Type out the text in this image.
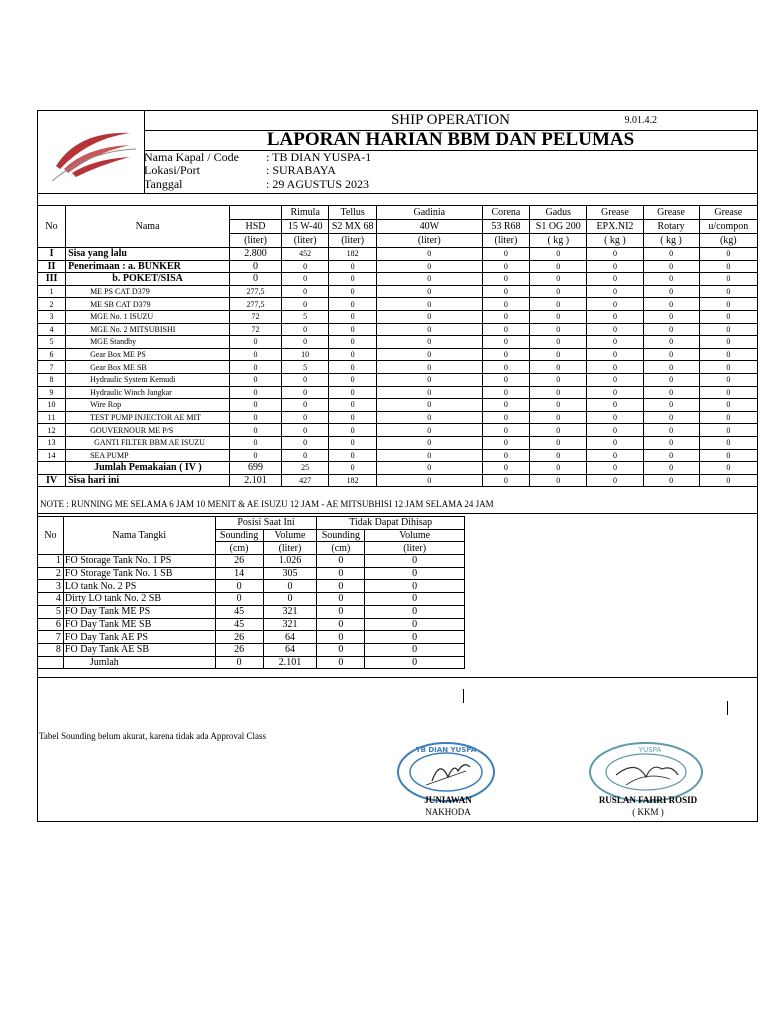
SHIP OPERATION	9.01.4.2
LAPORAN HARIAN BBM DAN PELUMAS
Nama Kapal / Code : TB DIAN YUSPA-1
Lokasi/Port	: SURABAYA
Tanggal	: 29 AGUSTUS 2023
No	Nama		Rimula	Tellus	Gadinia	Corena	Gadus	Grease	Grease	Grease
		HSD	15 W-40	S2 MX 68	40W	53 R68	S1 OG 200	EPX.NI2	Rotary	u/compon
		(liter)	(liter)	(liter)	(liter)	(liter)	( kg )	( kg )	( kg )	(kg)
I	Sisa yang lalu	2.800	452	182	0	0	0	0	0	0
II	Penerimaan : a. BUNKER	0	0	0	0	0	0	0	0	0
III	b. POKET/SISA	0	0	0	0	0	0	0	0	0
1	ME PS CAT D379	277,5	0	0	0	0	0	0	0	0
2	ME SB CAT D379	277,5	0	0	0	0	0	0	0	0
3	MGE No. 1 ISUZU	72	5	0	0	0	0	0	0	0
4	MGE No. 2 MITSUBISHI	72	0	0	0	0	0	0	0	0
5	MGE Standby	0	0	0	0	0	0	0	0	0
6	Gear Box ME PS	0	10	0	0	0	0	0	0	0
7	Gear Box ME SB	0	5	0	0	0	0	0	0	0
8	Hydraulic System Kemudi	0	0	0	0	0	0	0	0	0
9	Hydraulic Winch Jangkar	0	0	0	0	0	0	0	0	0
10	Wire Rop	0	0	0	0	0	0	0	0	0
11	TEST PUMP INJECTOR AE MIT	0	0	0	0	0	0	0	0	0
12	GOUVERNOUR ME P/S	0	0	0	0	0	0	0	0	0
13	GANTI FILTER BBM AE ISUZU	0	0	0	0	0	0	0	0	0
14	SEA PUMP	0	0	0	0	0	0	0	0	0
	Jumlah Pemakaian ( IV )	699	25	0	0	0	0	0	0	0
IV	Sisa hari ini	2.101	427	182	0	0	0	0	0	0
NOTE : RUNNING ME SELAMA 6 JAM 10 MENIT & AE ISUZU 12 JAM - AE MITSUBHISI 12 JAM SELAMA 24 JAM
No	Nama Tangki	Posisi Saat Ini		Tidak Dapat Dihisap	
		Sounding	Volume	Sounding	Volume
		(cm)	(liter)	(cm)	(liter)
1	FO Storage Tank No. 1 PS	26	1.026	0	0
2	FO Storage Tank No. 1 SB	14	305	0	0
3	LO tank No. 2 PS	0	0	0	0
4	Dirty LO tank No. 2 SB	0	0	0	0
5	FO Day Tank ME PS	45	321	0	0
6	FO Day Tank ME SB	45	321	0	0
7	FO Day Tank AE PS	26	64	0	0
8	FO Day Tank AE SB	26	64	0	0
	Jumlah	0	2.101	0	0
Tabel Sounding belum akurat, karena tidak ada Approval Class
TB DIAN YUSPA	YUSPA
JUNIAWAN
NAKHODA
RUSLAN FAHRI ROSID
( KKM )
